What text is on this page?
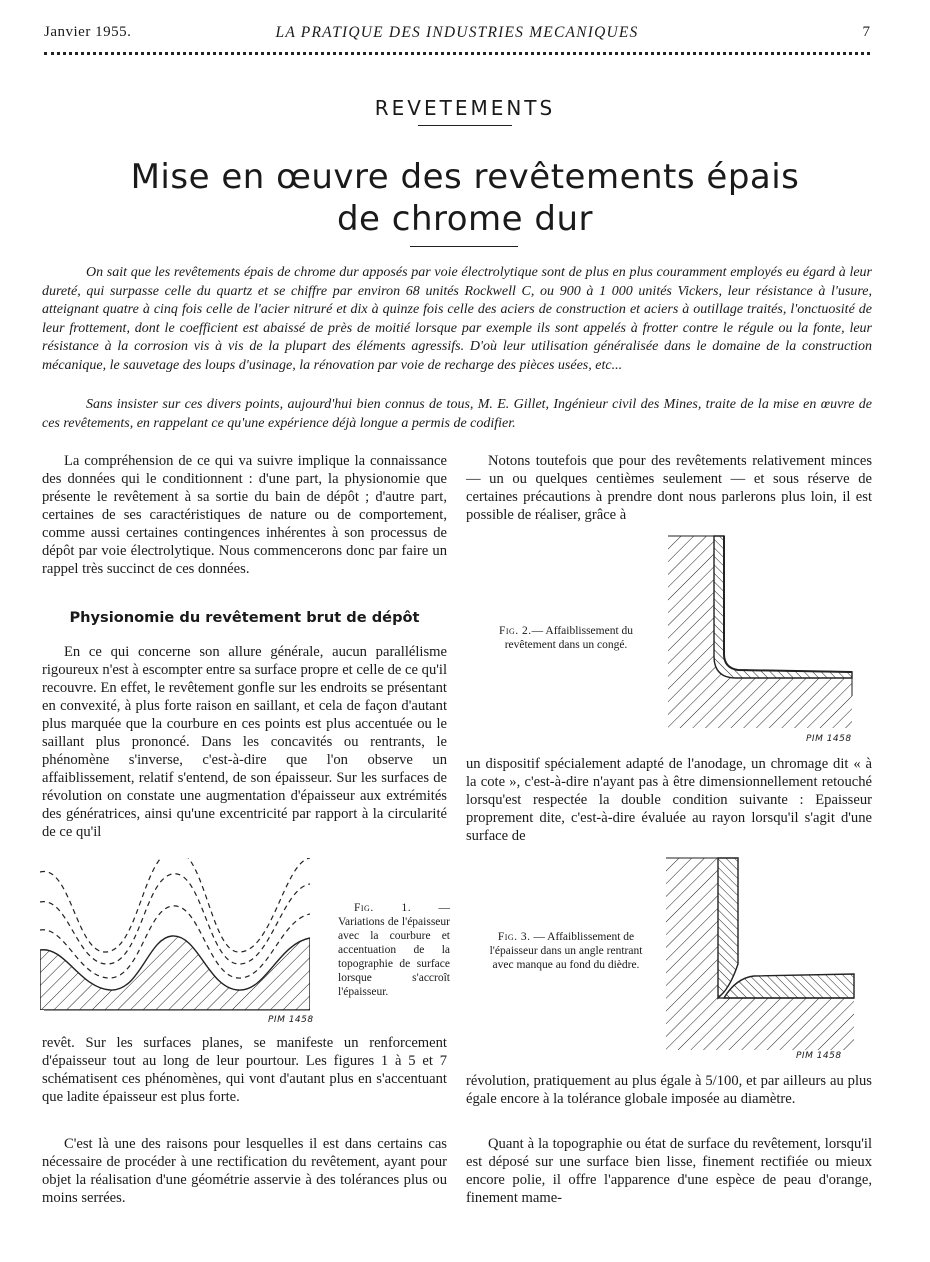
Janvier 1955.	LA PRATIQUE DES INDUSTRIES MECANIQUES	7
REVETEMENTS
Mise en œuvre des revêtements épais
de chrome dur

On sait que les revêtements épais de chrome dur apposés par voie électrolytique sont de plus en plus couramment employés eu égard à leur dureté, qui surpasse celle du quartz et se chiffre par environ 68 unités Rockwell C, ou 900 à 1 000 unités Vickers, leur résistance à l'usure, atteignant quatre à cinq fois celle de l'acier nitruré et dix à quinze fois celle des aciers de construction et aciers à outillage traités, l'onctuosité de leur frottement, dont le coefficient est abaissé de près de moitié lorsque par exemple ils sont appelés à frotter contre le régule ou la fonte, leur résistance à la corrosion vis à vis de la plupart des éléments agressifs. D'où leur utilisation généralisée dans le domaine de la construction mécanique, le sauvetage des loups d'usinage, la rénovation par voie de recharge des pièces usées, etc...

Sans insister sur ces divers points, aujourd'hui bien connus de tous, M. E. Gillet, Ingénieur civil des Mines, traite de la mise en œuvre de ces revêtements, en rappelant ce qu'une expérience déjà longue a permis de codifier.

La compréhension de ce qui va suivre implique la connaissance des données qui le conditionnent : d'une part, la physionomie que présente le revêtement à sa sortie du bain de dépôt ; d'autre part, certaines de ses caractéristiques de nature ou de comportement, comme aussi certaines contingences inhérentes à son processus de dépôt par voie électrolytique. Nous commencerons donc par faire un rappel très succinct de ces données.

Physionomie du revêtement brut de dépôt

En ce qui concerne son allure générale, aucun parallélisme rigoureux n'est à escompter entre sa surface propre et celle de ce qu'il recouvre. En effet, le revêtement gonfle sur les endroits se présentant en convexité, à plus forte raison en saillant, et cela de façon d'autant plus marquée que la courbure en ces points est plus accentuée ou le saillant plus prononcé. Dans les concavités ou rentrants, le phénomène s'inverse, c'est-à-dire que l'on observe un affaiblissement, relatif s'entend, de son épaisseur. Sur les surfaces de révolution on constate une augmentation d'épaisseur aux extrémités des génératrices, ainsi qu'une excentricité par rapport à la circularité de ce qu'il

PIM 1458

Fig. 1. — Variations de l'épaisseur avec la courbure et accentuation de la topographie de surface lorsque s'accroît l'épaisseur.

revêt. Sur les surfaces planes, se manifeste un renforcement d'épaisseur tout au long de leur pourtour. Les figures 1 à 5 et 7 schématisent ces phénomènes, qui vont d'autant plus en s'accentuant que ladite épaisseur est plus forte.

C'est là une des raisons pour lesquelles il est dans certains cas nécessaire de procéder à une rectification du revêtement, ayant pour objet la réalisation d'une géométrie asservie à des tolérances plus ou moins serrées.

Notons toutefois que pour des revêtements relativement minces — un ou quelques centièmes seulement — et sous réserve de certaines précautions à prendre dont nous parlerons plus loin, il est possible de réaliser, grâce à

PIM 1458

Fig. 2.— Affaiblissement du revêtement dans un congé.

un dispositif spécialement adapté de l'anodage, un chromage dit « à la cote », c'est-à-dire n'ayant pas à être dimensionnellement retouché lorsqu'est respectée la double condition suivante : Epaisseur proprement dite, c'est-à-dire évaluée au rayon lorsqu'il s'agit d'une surface de

PIM 1458

Fig. 3. — Affaiblissement de l'épaisseur dans un angle rentrant avec manque au fond du dièdre.

révolution, pratiquement au plus égale à 5/100, et par ailleurs au plus égale encore à la tolérance globale imposée au diamètre.

Quant à la topographie ou état de surface du revêtement, lorsqu'il est déposé sur une surface bien lisse, finement rectifiée ou mieux encore polie, il offre l'apparence d'une espèce de peau d'orange, finement mame-
